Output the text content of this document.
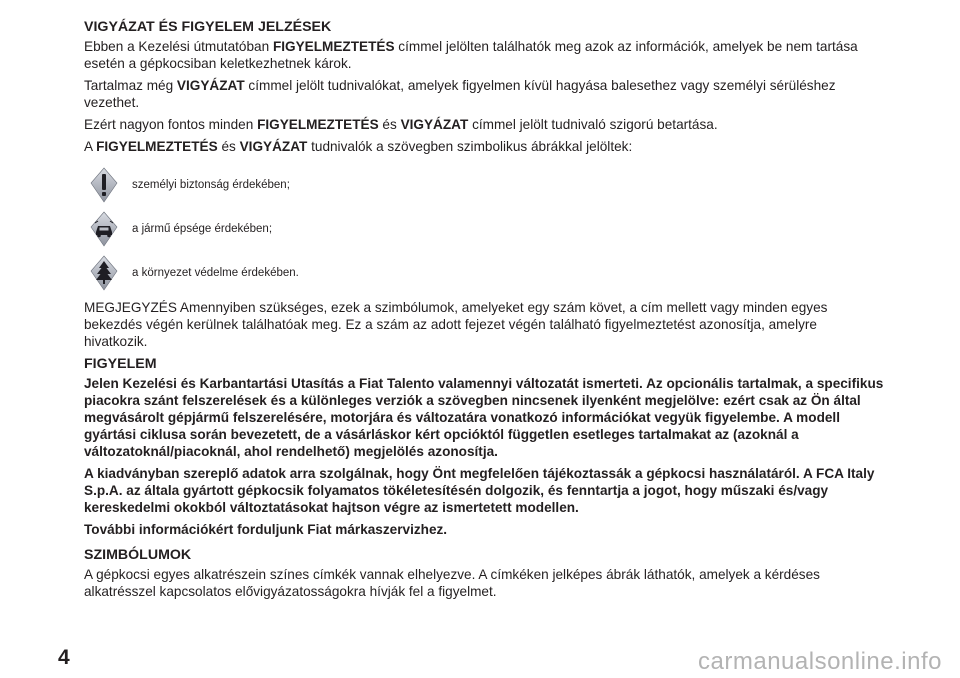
VIGYÁZAT ÉS FIGYELEM JELZÉSEK
Ebben a Kezelési útmutatóban FIGYELMEZTETÉS címmel jelölten találhatók meg azok az információk, amelyek be nem tartása esetén a gépkocsiban keletkezhetnek károk.
Tartalmaz még VIGYÁZAT címmel jelölt tudnivalókat, amelyek figyelmen kívül hagyása balesethez vagy személyi sérüléshez vezethet.
Ezért nagyon fontos minden FIGYELMEZTETÉS és VIGYÁZAT címmel jelölt tudnivaló szigorú betartása.
A FIGYELMEZTETÉS és VIGYÁZAT tudnivalók a szövegben szimbolikus ábrákkal jelöltek:
személyi biztonság érdekében;
a jármű épsége érdekében;
a környezet védelme érdekében.
MEGJEGYZÉS Amennyiben szükséges, ezek a szimbólumok, amelyeket egy szám követ, a cím mellett vagy minden egyes bekezdés végén kerülnek találhatóak meg. Ez a szám az adott fejezet végén található figyelmeztetést azonosítja, amelyre hivatkozik.
FIGYELEM
Jelen Kezelési és Karbantartási Utasítás a Fiat Talento valamennyi változatát ismerteti. Az opcionális tartalmak, a specifikus piacokra szánt felszerelések és a különleges verziók a szövegben nincsenek ilyenként megjelölve: ezért csak az Ön által megvásárolt gépjármű felszerelésére, motorjára és változatára vonatkozó információkat vegyük figyelembe. A modell gyártási ciklusa során bevezetett, de a vásárláskor kért opcióktól független esetleges tartalmakat az (azoknál a változatoknál/piacoknál, ahol rendelhető) megjelölés azonosítja.
A kiadványban szereplő adatok arra szolgálnak, hogy Önt megfelelően tájékoztassák a gépkocsi használatáról. A FCA Italy S.p.A. az általa gyártott gépkocsik folyamatos tökéletesítésén dolgozik, és fenntartja a jogot, hogy műszaki és/vagy kereskedelmi okokból változtatásokat hajtson végre az ismertetett modellen.
További információkért forduljunk Fiat márkaszervizhez.
SZIMBÓLUMOK
A gépkocsi egyes alkatrészein színes címkék vannak elhelyezve. A címkéken jelképes ábrák láthatók, amelyek a kérdéses alkatrésszel kapcsolatos elővigyázatosságokra hívják fel a figyelmet.
4	carmanualsonline.info
